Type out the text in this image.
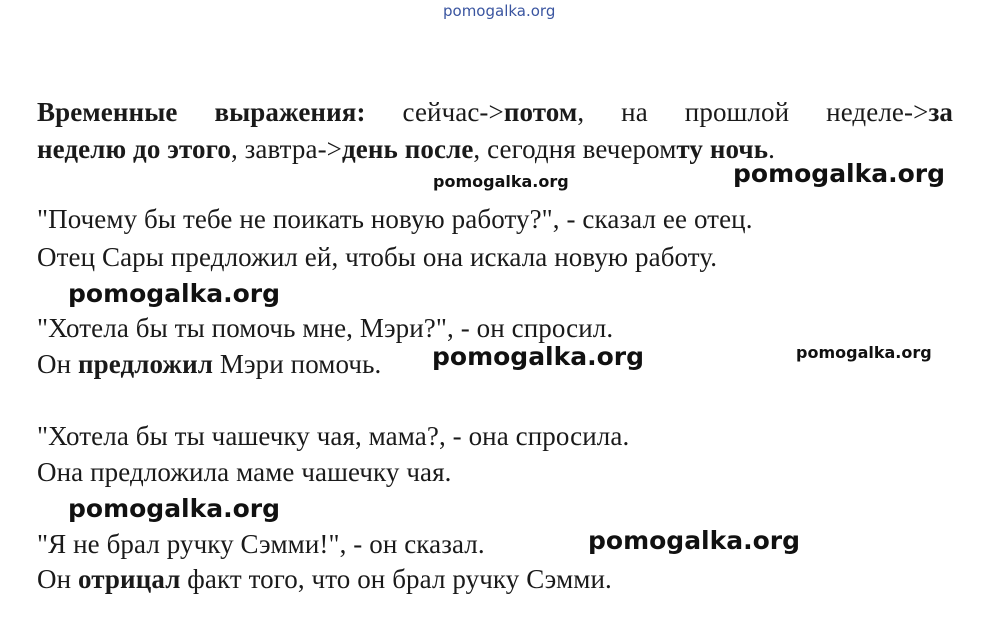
pomogalka.org
Временные выражения: сейчас->потом, на прошлой неделе->за
неделю до этого, завтра->день после, сегодня вечеромту ночь.
pomogalka.org	pomogalka.org
"Почему бы тебе не поикать новую работу?", - сказал ее отец.
Отец Сары предложил ей, чтобы она искала новую работу.
pomogalka.org
"Хотела бы ты помочь мне, Мэри?", - он спросил.
Он предложил Мэри помочь. pomogalka.org	pomogalka.org
"Хотела бы ты чашечку чая, мама?, - она спросила.
Она предложила маме чашечку чая.
pomogalka.org
"Я не брал ручку Сэмми!", - он сказал.	pomogalka.org
Он отрицал факт того, что он брал ручку Сэмми.
